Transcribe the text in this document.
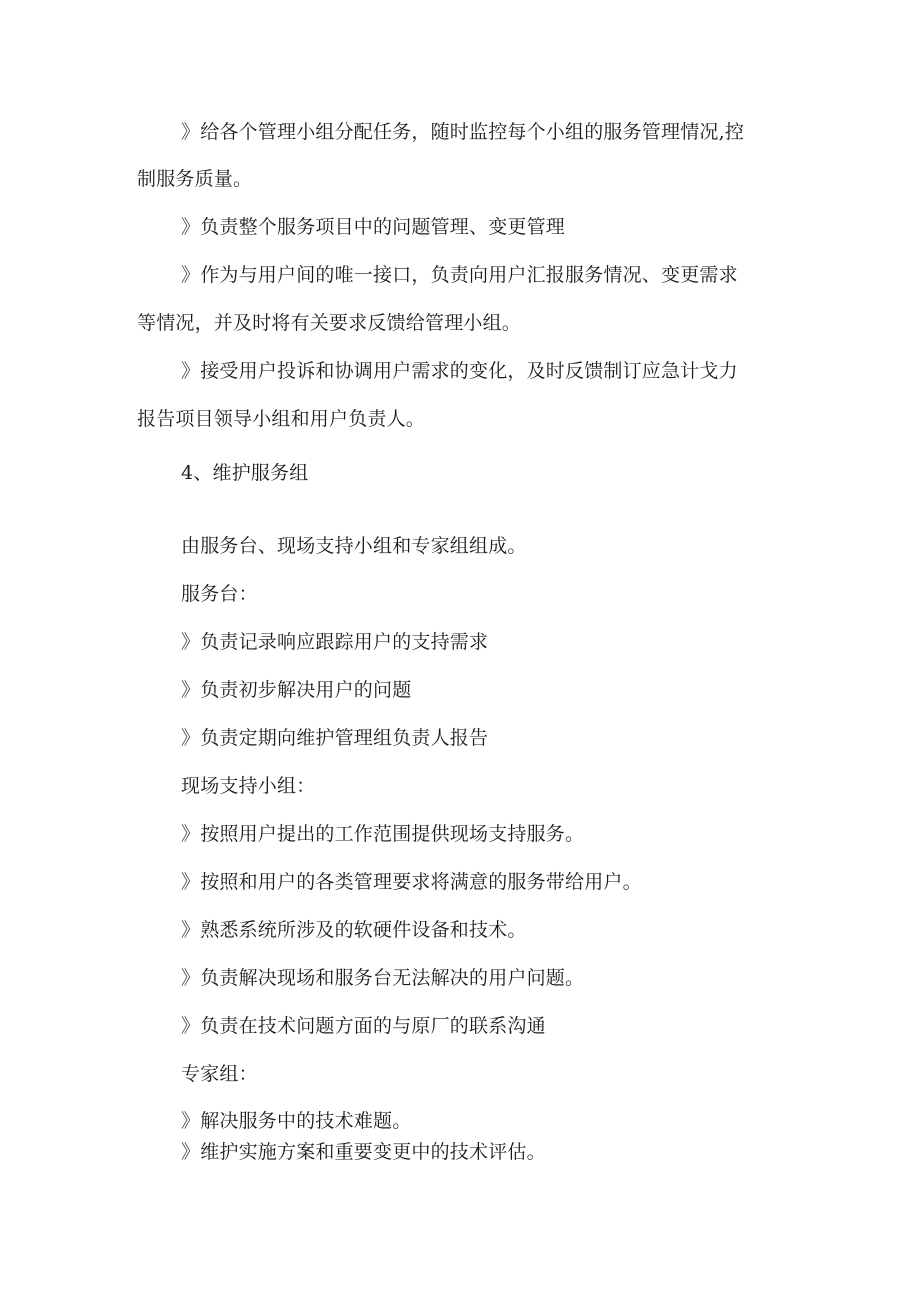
》给各个管理小组分配任务，随时监控每个小组的服务管理情况,控
制服务质量。
》负责整个服务项目中的问题管理、变更管理
》作为与用户间的唯一接口，负责向用户汇报服务情况、变更需求
等情况，并及时将有关要求反馈给管理小组。
》接受用户投诉和协调用户需求的变化，及时反馈制订应急计戈力
报告项目领导小组和用户负责人。
4、维护服务组
由服务台、现场支持小组和专家组组成。
服务台：
》负责记录响应跟踪用户的支持需求
》负责初步解决用户的问题
》负责定期向维护管理组负责人报告
现场支持小组：
》按照用户提出的工作范围提供现场支持服务。
》按照和用户的各类管理要求将满意的服务带给用户。
》熟悉系统所涉及的软硬件设备和技术。
》负责解决现场和服务台无法解决的用户问题。
》负责在技术问题方面的与原厂的联系沟通
专家组：
》解决服务中的技术难题。
》维护实施方案和重要变更中的技术评估。
